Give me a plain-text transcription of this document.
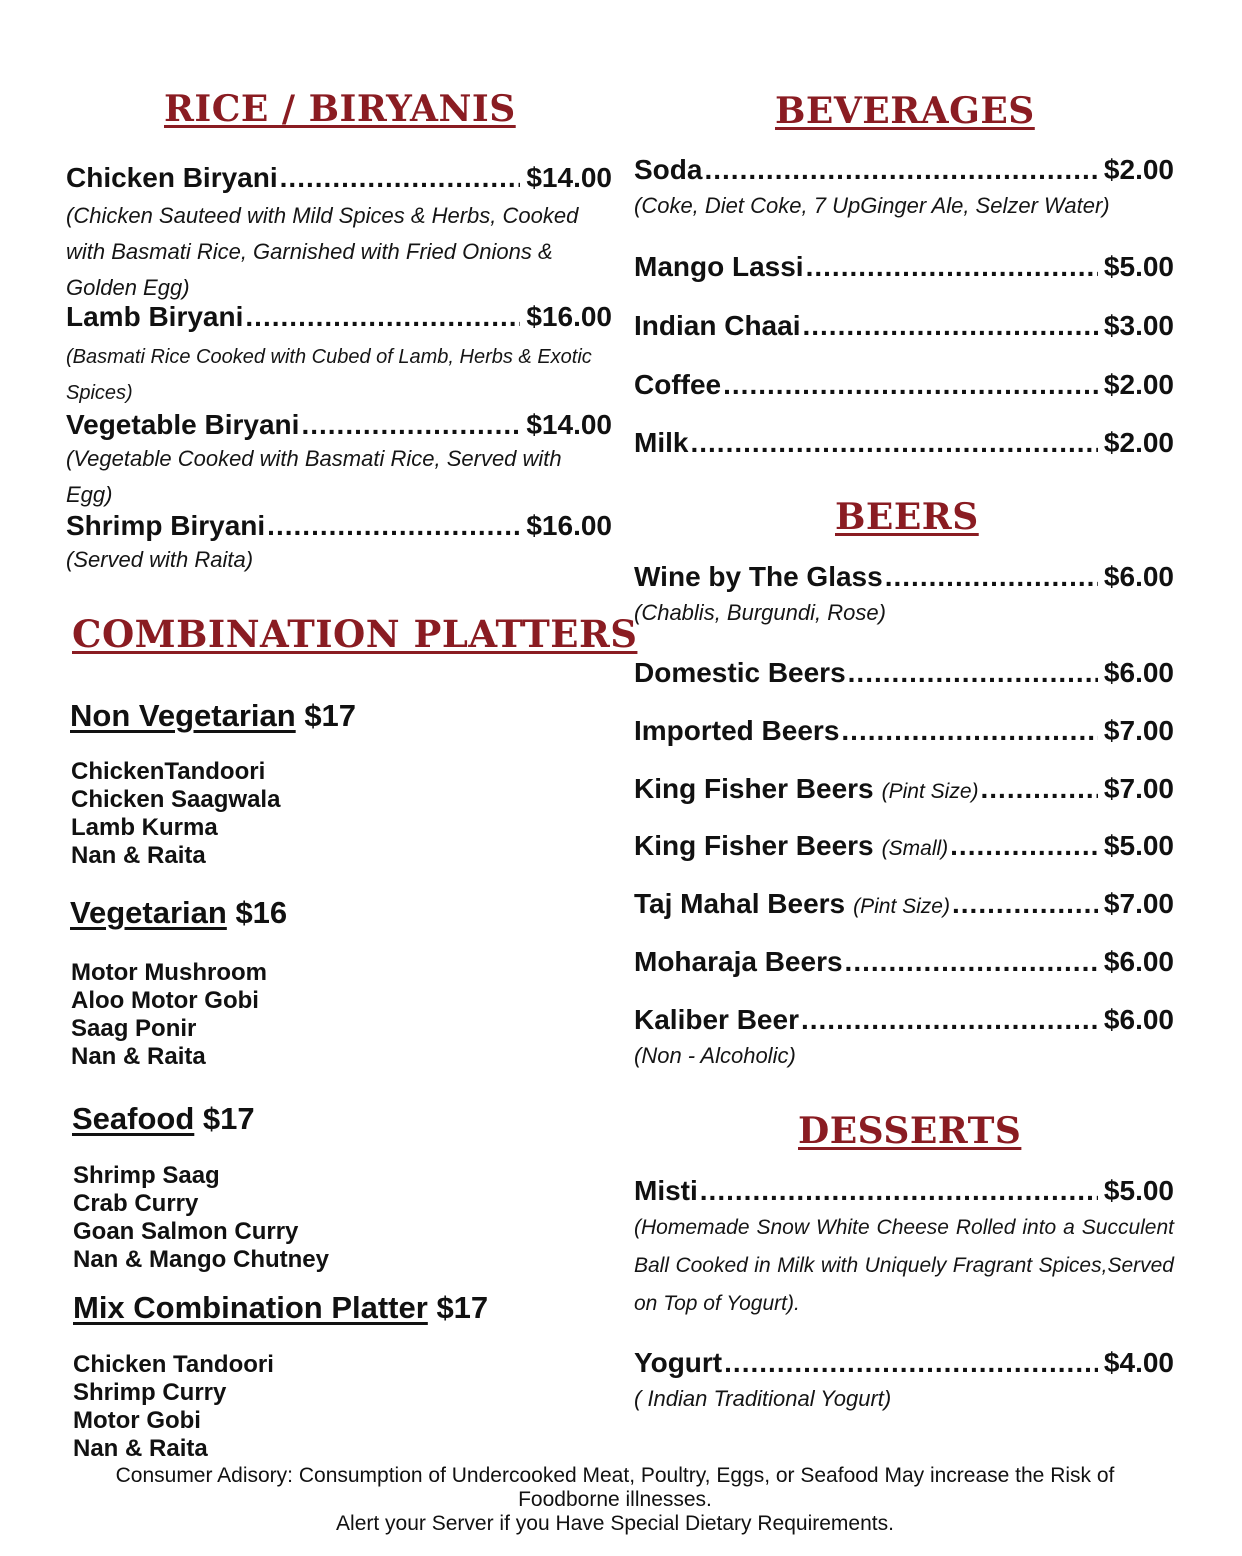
RICE / BIRYANIS
Chicken Biryani .....	$14.00
(Chicken Sauteed with Mild Spices & Herbs, Cooked with Basmati Rice, Garnished with Fried Onions & Golden Egg)
Lamb Biryani .....	$16.00
(Basmati Rice Cooked with Cubed of Lamb, Herbs & Exotic Spices)
Vegetable Biryani .....	$14.00
(Vegetable Cooked with Basmati Rice, Served with Egg)
Shrimp Biryani .....	$16.00
(Served with Raita)
COMBINATION PLATTERS
Non Vegetarian $17
ChickenTandoori
Chicken Saagwala
Lamb Kurma
Nan & Raita
Vegetarian $16
Motor Mushroom
Aloo Motor Gobi
Saag Ponir
Nan & Raita
Seafood $17
Shrimp Saag
Crab Curry
Goan Salmon Curry
Nan & Mango Chutney
Mix Combination Platter $17
Chicken Tandoori
Shrimp Curry
Motor Gobi
Nan & Raita
BEVERAGES
Soda .....	$2.00
(Coke, Diet Coke, 7 UpGinger Ale, Selzer Water)
Mango Lassi .....	$5.00
Indian Chaai .....	$3.00
Coffee .....	$2.00
Milk .....	$2.00
BEERS
Wine by The Glass .....	$6.00
(Chablis, Burgundi, Rose)
Domestic Beers .....	$6.00
Imported Beers .....	$7.00
King Fisher Beers (Pint Size) .....	$7.00
King Fisher Beers (Small) .....	$5.00
Taj Mahal Beers (Pint Size) .....	$7.00
Moharaja Beers .....	$6.00
Kaliber Beer .....	$6.00
(Non - Alcoholic)
DESSERTS
Misti .....	$5.00
(Homemade Snow White Cheese Rolled into a Succulent Ball Cooked in Milk with Uniquely Fragrant Spices,Served on Top of Yogurt).
Yogurt .....	$4.00
( Indian Traditional Yogurt)
Consumer Adisory: Consumption of Undercooked Meat, Poultry, Eggs, or Seafood May increase the Risk of Foodborne illnesses.
Alert your Server if you Have Special Dietary Requirements.
